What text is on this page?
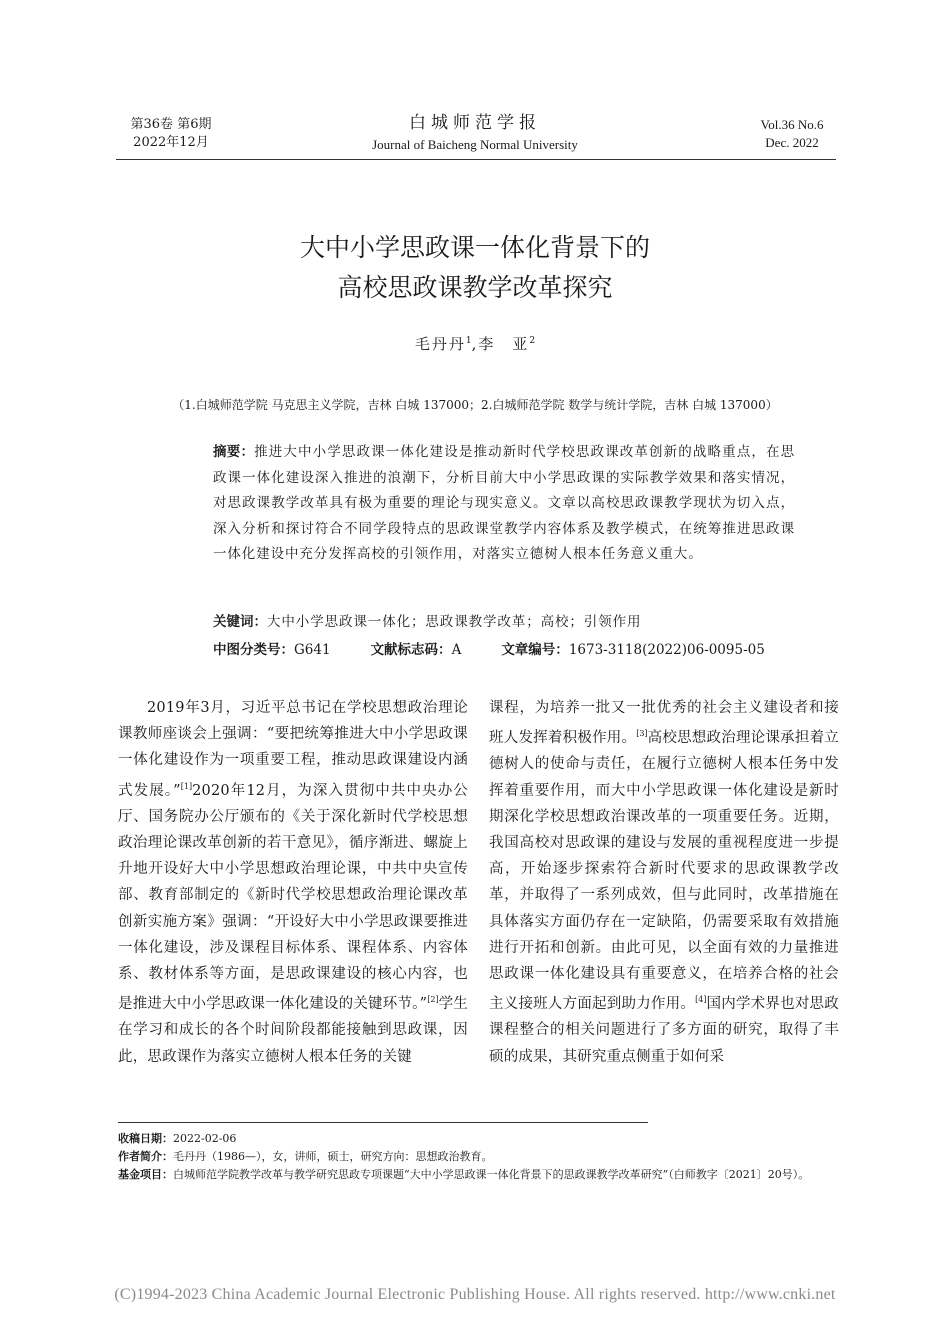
第36卷 第6期
2022年12月
白城师范学报
Journal of Baicheng Normal University
Vol.36 No.6
Dec. 2022
大中小学思政课一体化背景下的
高校思政课教学改革探究
毛丹丹$^1$,李　亚$^2$
（1.白城师范学院 马克思主义学院，吉林 白城 137000；2.白城师范学院 数学与统计学院，吉林 白城 137000）
摘要：推进大中小学思政课一体化建设是推动新时代学校思政课改革创新的战略重点，在思政课一体化建设深入推进的浪潮下，分析目前大中小学思政课的实际教学效果和落实情况，对思政课教学改革具有极为重要的理论与现实意义。文章以高校思政课教学现状为切入点，深入分析和探讨符合不同学段特点的思政课堂教学内容体系及教学模式，在统筹推进思政课一体化建设中充分发挥高校的引领作用，对落实立德树人根本任务意义重大。
关键词：大中小学思政课一体化；思政课教学改革；高校；引领作用
中图分类号：G641	文献标志码：A	文章编号：1673-3118(2022)06-0095-05

2019年3月，习近平总书记在学校思想政治理论课教师座谈会上强调：“要把统筹推进大中小学思政课一体化建设作为一项重要工程，推动思政课建设内涵式发展。”[1]2020年12月，为深入贯彻中共中央办公厅、国务院办公厅颁布的《关于深化新时代学校思想政治理论课改革创新的若干意见》，循序渐进、螺旋上升地开设好大中小学思想政治理论课，中共中央宣传部、教育部制定的《新时代学校思想政治理论课改革创新实施方案》强调：“开设好大中小学思政课要推进一体化建设，涉及课程目标体系、课程体系、内容体系、教材体系等方面，是思政课建设的核心内容，也是推进大中小学思政课一体化建设的关键环节。”[2]学生在学习和成长的各个时间阶段都能接触到思政课，因此，思政课作为落实立德树人根本任务的关键

课程，为培养一批又一批优秀的社会主义建设者和接班人发挥着积极作用。[3]高校思想政治理论课承担着立德树人的使命与责任，在履行立德树人根本任务中发挥着重要作用，而大中小学思政课一体化建设是新时期深化学校思想政治课改革的一项重要任务。近期，我国高校对思政课的建设与发展的重视程度进一步提高，开始逐步探索符合新时代要求的思政课教学改革，并取得了一系列成效，但与此同时，改革措施在具体落实方面仍存在一定缺陷，仍需要采取有效措施进行开拓和创新。由此可见，以全面有效的力量推进思政课一体化建设具有重要意义，在培养合格的社会主义接班人方面起到助力作用。[4]国内学术界也对思政课程整合的相关问题进行了多方面的研究，取得了丰硕的成果，其研究重点侧重于如何采

收稿日期：2022-02-06
作者简介：毛丹丹（1986—），女，讲师，硕士，研究方向：思想政治教育。
基金项目：白城师范学院教学改革与教学研究思政专项课题“大中小学思政课一体化背景下的思政课教学改革研究”（白师教字〔2021〕20号）。
(C)1994-2023 China Academic Journal Electronic Publishing House. All rights reserved. http://www.cnki.net
